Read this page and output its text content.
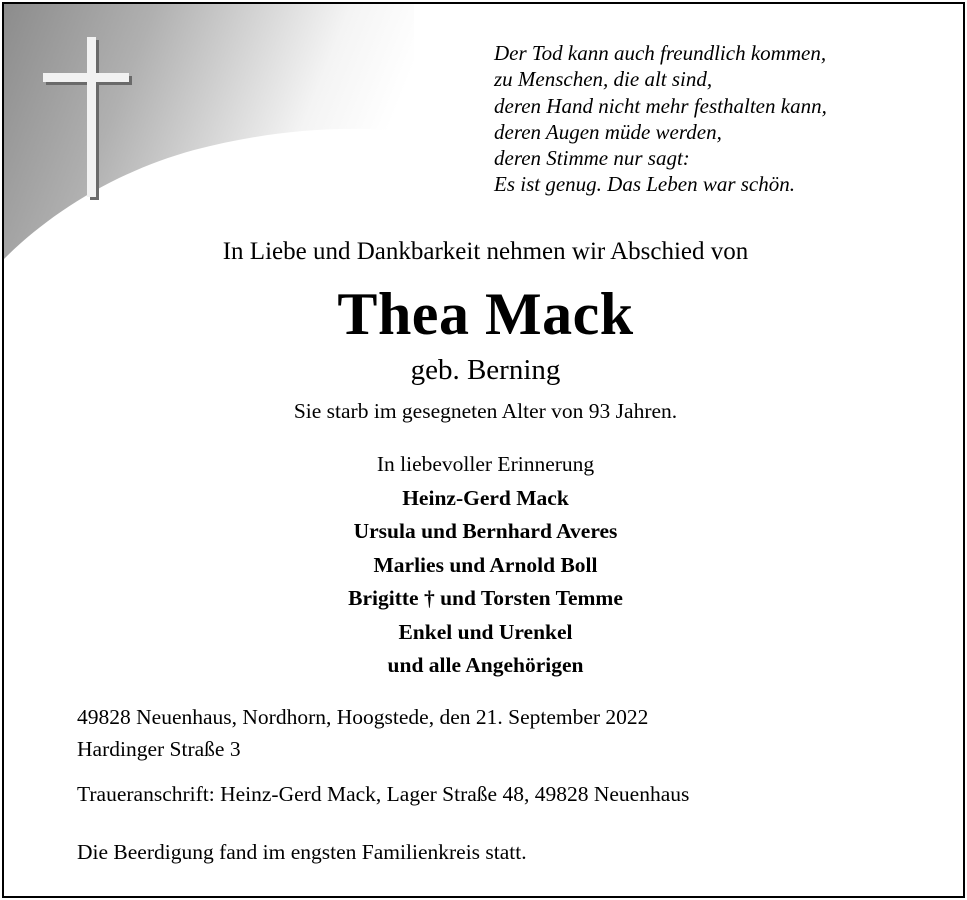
Der Tod kann auch freundlich kommen,
zu Menschen, die alt sind,
deren Hand nicht mehr festhalten kann,
deren Augen müde werden,
deren Stimme nur sagt:
Es ist genug. Das Leben war schön.
In Liebe und Dankbarkeit nehmen wir Abschied von
Thea Mack
geb. Berning
Sie starb im gesegneten Alter von 93 Jahren.
In liebevoller Erinnerung
Heinz-Gerd Mack
Ursula und Bernhard Averes
Marlies und Arnold Boll
Brigitte † und Torsten Temme
Enkel und Urenkel
und alle Angehörigen
49828 Neuenhaus, Nordhorn, Hoogstede, den 21. September 2022
Hardinger Straße 3
Traueranschrift: Heinz-Gerd Mack, Lager Straße 48, 49828 Neuenhaus
Die Beerdigung fand im engsten Familienkreis statt.
